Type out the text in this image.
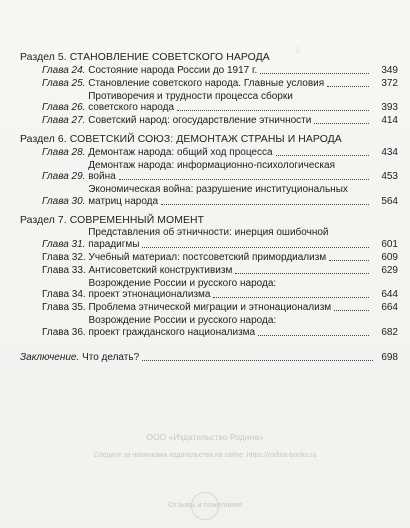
▯
Раздел 5. СТАНОВЛЕНИЕ СОВЕТСКОГО НАРОДА
Глава 24. Состояние народа России до 1917 г.	349
Глава 25. Становление советского народа. Главные условия	372
Глава 26.
Противоречия и трудности процесса сборки
советского народа	393
Глава 27. Советский народ: огосударствление этничности	414
Раздел 6. СОВЕТСКИЙ СОЮЗ: ДЕМОНТАЖ СТРАНЫ И НАРОДА
Глава 28. Демонтаж народа: общий ход процесса	434
Глава 29.
Демонтаж народа: информационно-психологическая
война	453
Глава 30.
Экономическая война: разрушение институциональных
матриц народа	564
Раздел 7. СОВРЕМЕННЫЙ МОМЕНТ
Глава 31.
Представления об этничности: инерция ошибочной
парадигмы	601
Глава 32. Учебный материал: постсоветский примордиализм	609
Глава 33. Антисоветский конструктивизм	629
Глава 34.
Возрождение России и русского народа:
проект этнонационализма	644
Глава 35. Проблема этнической миграции и этнонационализм	664
Глава 36.
Возрождение России и русского народа:
проект гражданского национализма	682
Заключение. Что делать?	698
ООО «Издательство Родина»
Следите за новинками издательства на сайте: https://rodina-books.ru
Отзывы и пожелания
